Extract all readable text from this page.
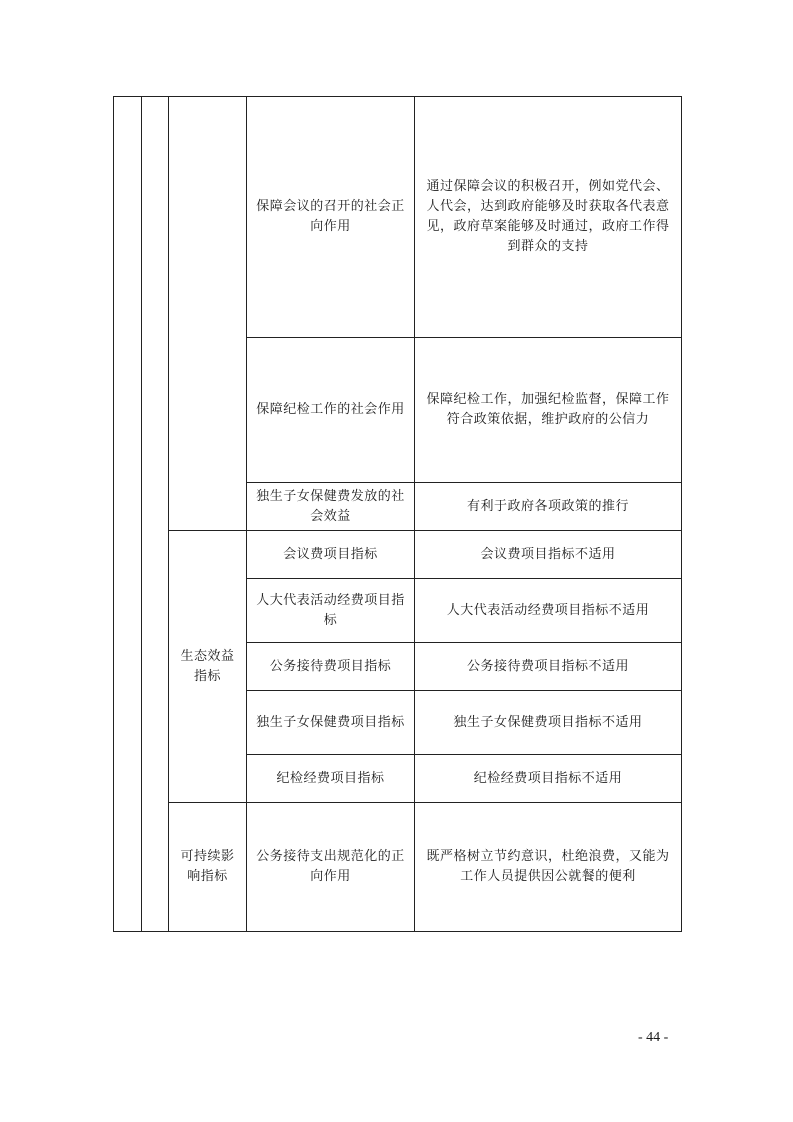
			保障会议的召开的社会正向作用	通过保障会议的积极召开，例如党代会、人代会，达到政府能够及时获取各代表意见，政府草案能够及时通过，政府工作得到群众的支持
			保障纪检工作的社会作用	保障纪检工作，加强纪检监督，保障工作符合政策依据，维护政府的公信力
			独生子女保健费发放的社会效益	有利于政府各项政策的推行
		生态效益指标	会议费项目指标	会议费项目指标不适用
			人大代表活动经费项目指标	人大代表活动经费项目指标不适用
			公务接待费项目指标	公务接待费项目指标不适用
			独生子女保健费项目指标	独生子女保健费项目指标不适用
			纪检经费项目指标	纪检经费项目指标不适用
		可持续影响指标	公务接待支出规范化的正向作用	既严格树立节约意识，杜绝浪费，又能为工作人员提供因公就餐的便利
- 44 -
